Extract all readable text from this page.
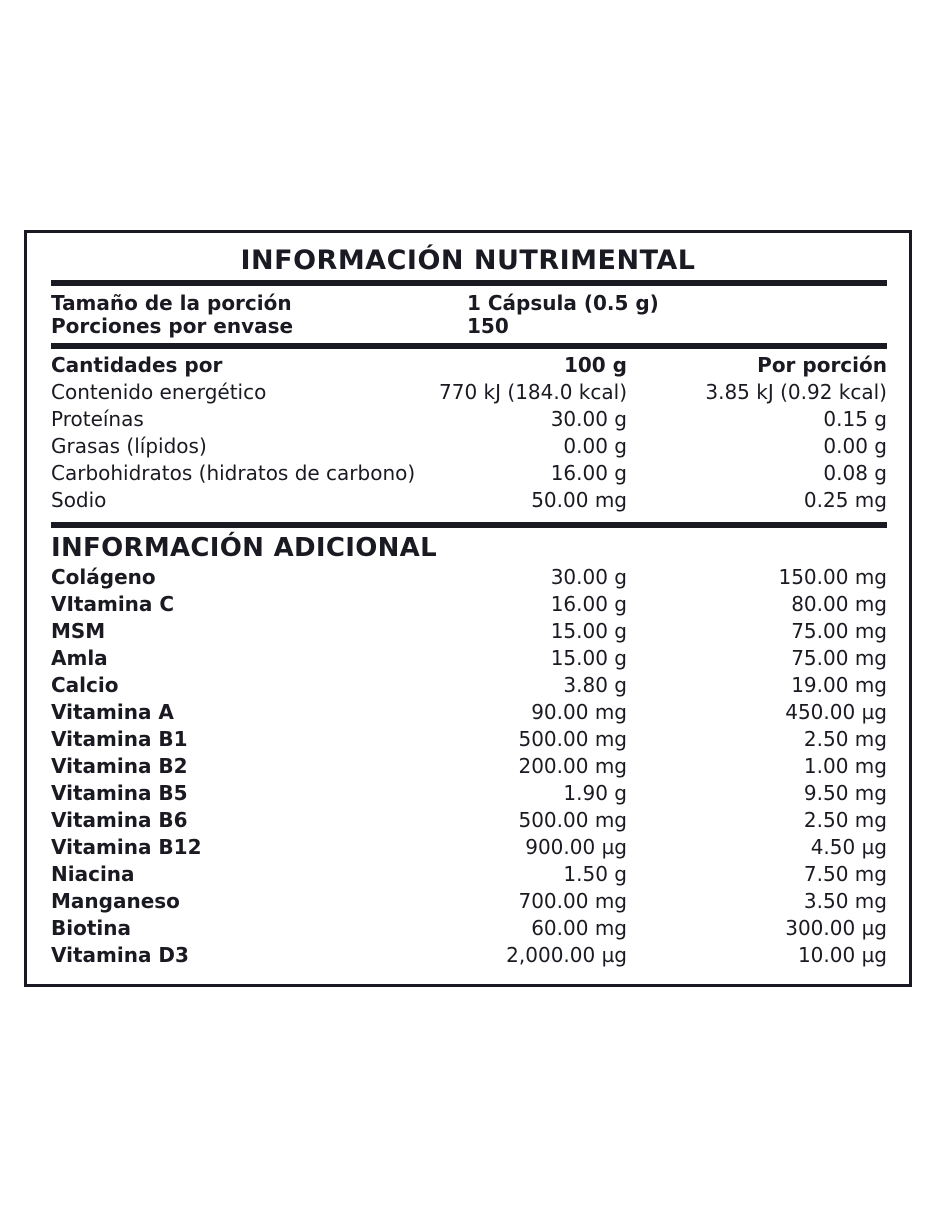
INFORMACIÓN NUTRIMENTAL
Tamaño de la porción	1 Cápsula (0.5 g)
Porciones por envase	150
Cantidades por	100 g	Por porción
Contenido energético	770 kJ (184.0 kcal)	3.85 kJ (0.92 kcal)
Proteínas	30.00 g	0.15 g
Grasas (lípidos)	0.00 g	0.00 g
Carbohidratos (hidratos de carbono)	16.00 g	0.08 g
Sodio	50.00 mg	0.25 mg
INFORMACIÓN ADICIONAL
Colágeno	30.00 g	150.00 mg
VItamina C	16.00 g	80.00 mg
MSM	15.00 g	75.00 mg
Amla	15.00 g	75.00 mg
Calcio	3.80 g	19.00 mg
Vitamina A	90.00 mg	450.00 µg
Vitamina B1	500.00 mg	2.50 mg
Vitamina B2	200.00 mg	1.00 mg
Vitamina B5	1.90 g	9.50 mg
Vitamina B6	500.00 mg	2.50 mg
Vitamina B12	900.00 µg	4.50 µg
Niacina	1.50 g	7.50 mg
Manganeso	700.00 mg	3.50 mg
Biotina	60.00 mg	300.00 µg
Vitamina D3	2,000.00 µg	10.00 µg
